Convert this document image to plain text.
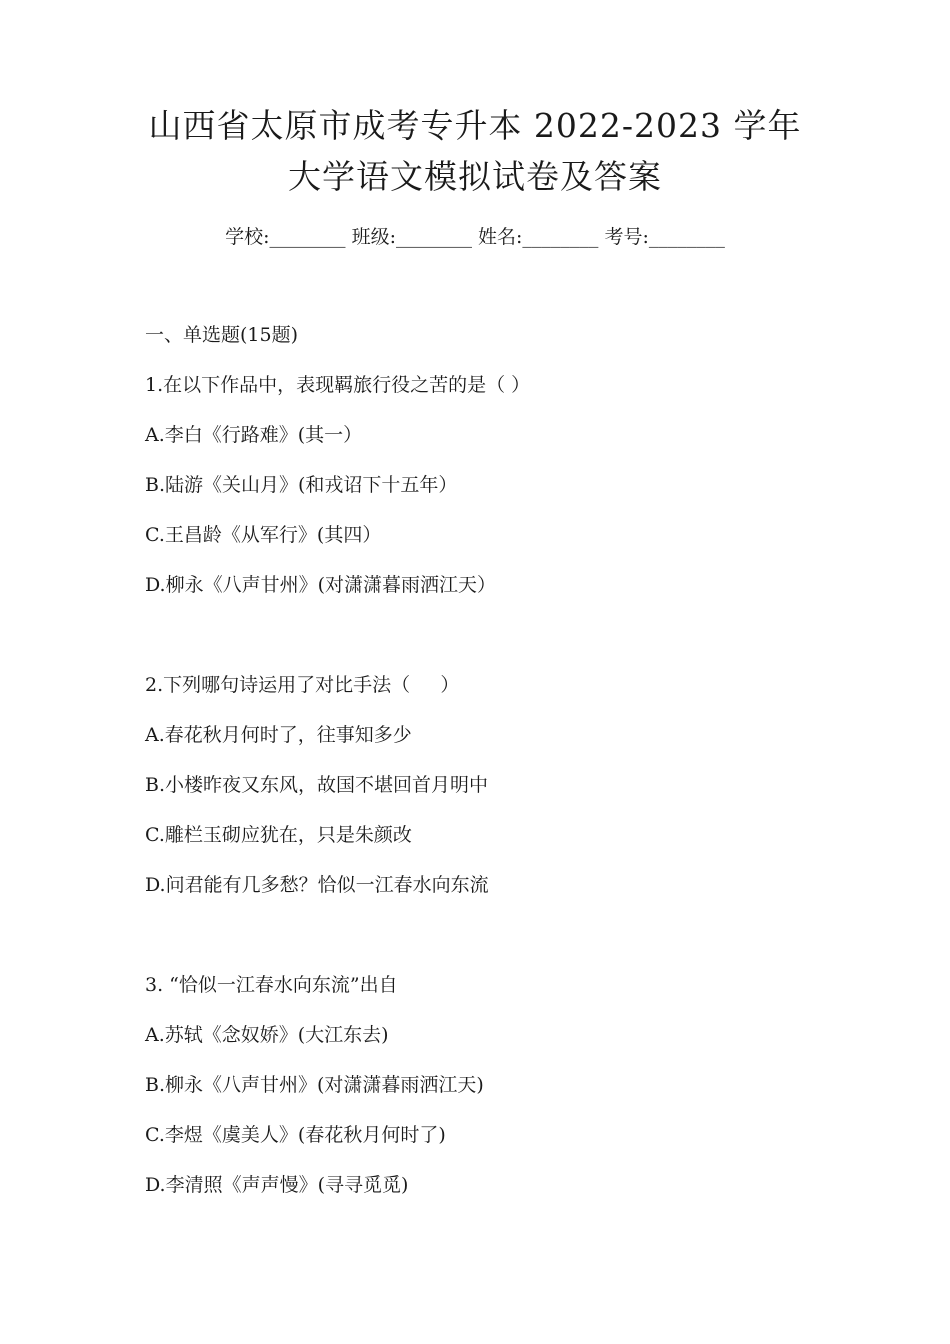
山西省太原市成考专升本 2022-2023 学年
大学语文模拟试卷及答案
学校:________ 班级:________ 姓名:________ 考号:________
一、单选题(15题)
1.在以下作品中，表现羁旅行役之苦的是（ ）
A.李白《行路难》(其一）
B.陆游《关山月》(和戎诏下十五年）
C.王昌龄《从军行》(其四）
D.柳永《八声甘州》(对潇潇暮雨洒江天）
2.下列哪句诗运用了对比手法（     ）
A.春花秋月何时了，往事知多少
B.小楼昨夜又东风，故国不堪回首月明中
C.雕栏玉砌应犹在，只是朱颜改
D.问君能有几多愁？恰似一江春水向东流
3. “恰似一江春水向东流”出自
A.苏轼《念奴娇》(大江东去)
B.柳永《八声甘州》(对潇潇暮雨洒江天)
C.李煜《虞美人》(春花秋月何时了)
D.李清照《声声慢》(寻寻觅觅)
